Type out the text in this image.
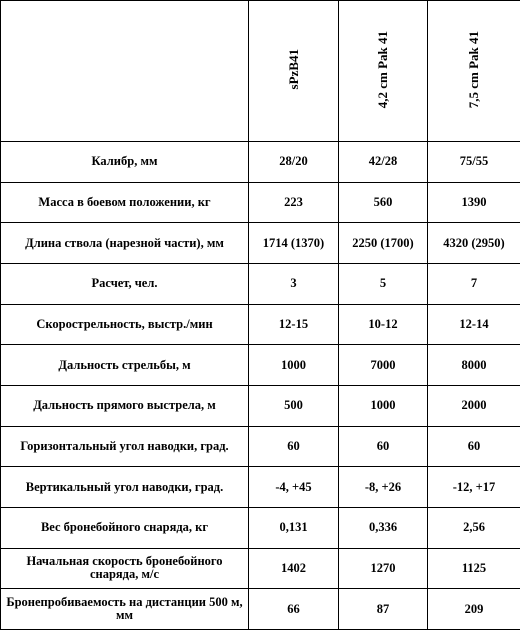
	sPzB41	4,2 cm Pak 41	7,5 cm Pak 41
Калибр, мм	28/20	42/28	75/55
Масса в боевом положении, кг	223	560	1390
Длина ствола (нарезной части), мм	1714 (1370)	2250 (1700)	4320 (2950)
Расчет, чел.	3	5	7
Скорострельность, выстр./мин	12-15	10-12	12-14
Дальность стрельбы, м	1000	7000	8000
Дальность прямого выстрела, м	500	1000	2000
Горизонтальный угол наводки, град.	60	60	60
Вертикальный угол наводки, град.	-4, +45	-8, +26	-12, +17
Вес бронебойного снаряда, кг	0,131	0,336	2,56
Начальная скорость бронебойного снаряда, м/с	1402	1270	1125
Бронепробиваемость на дистанции 500 м, мм	66	87	209
